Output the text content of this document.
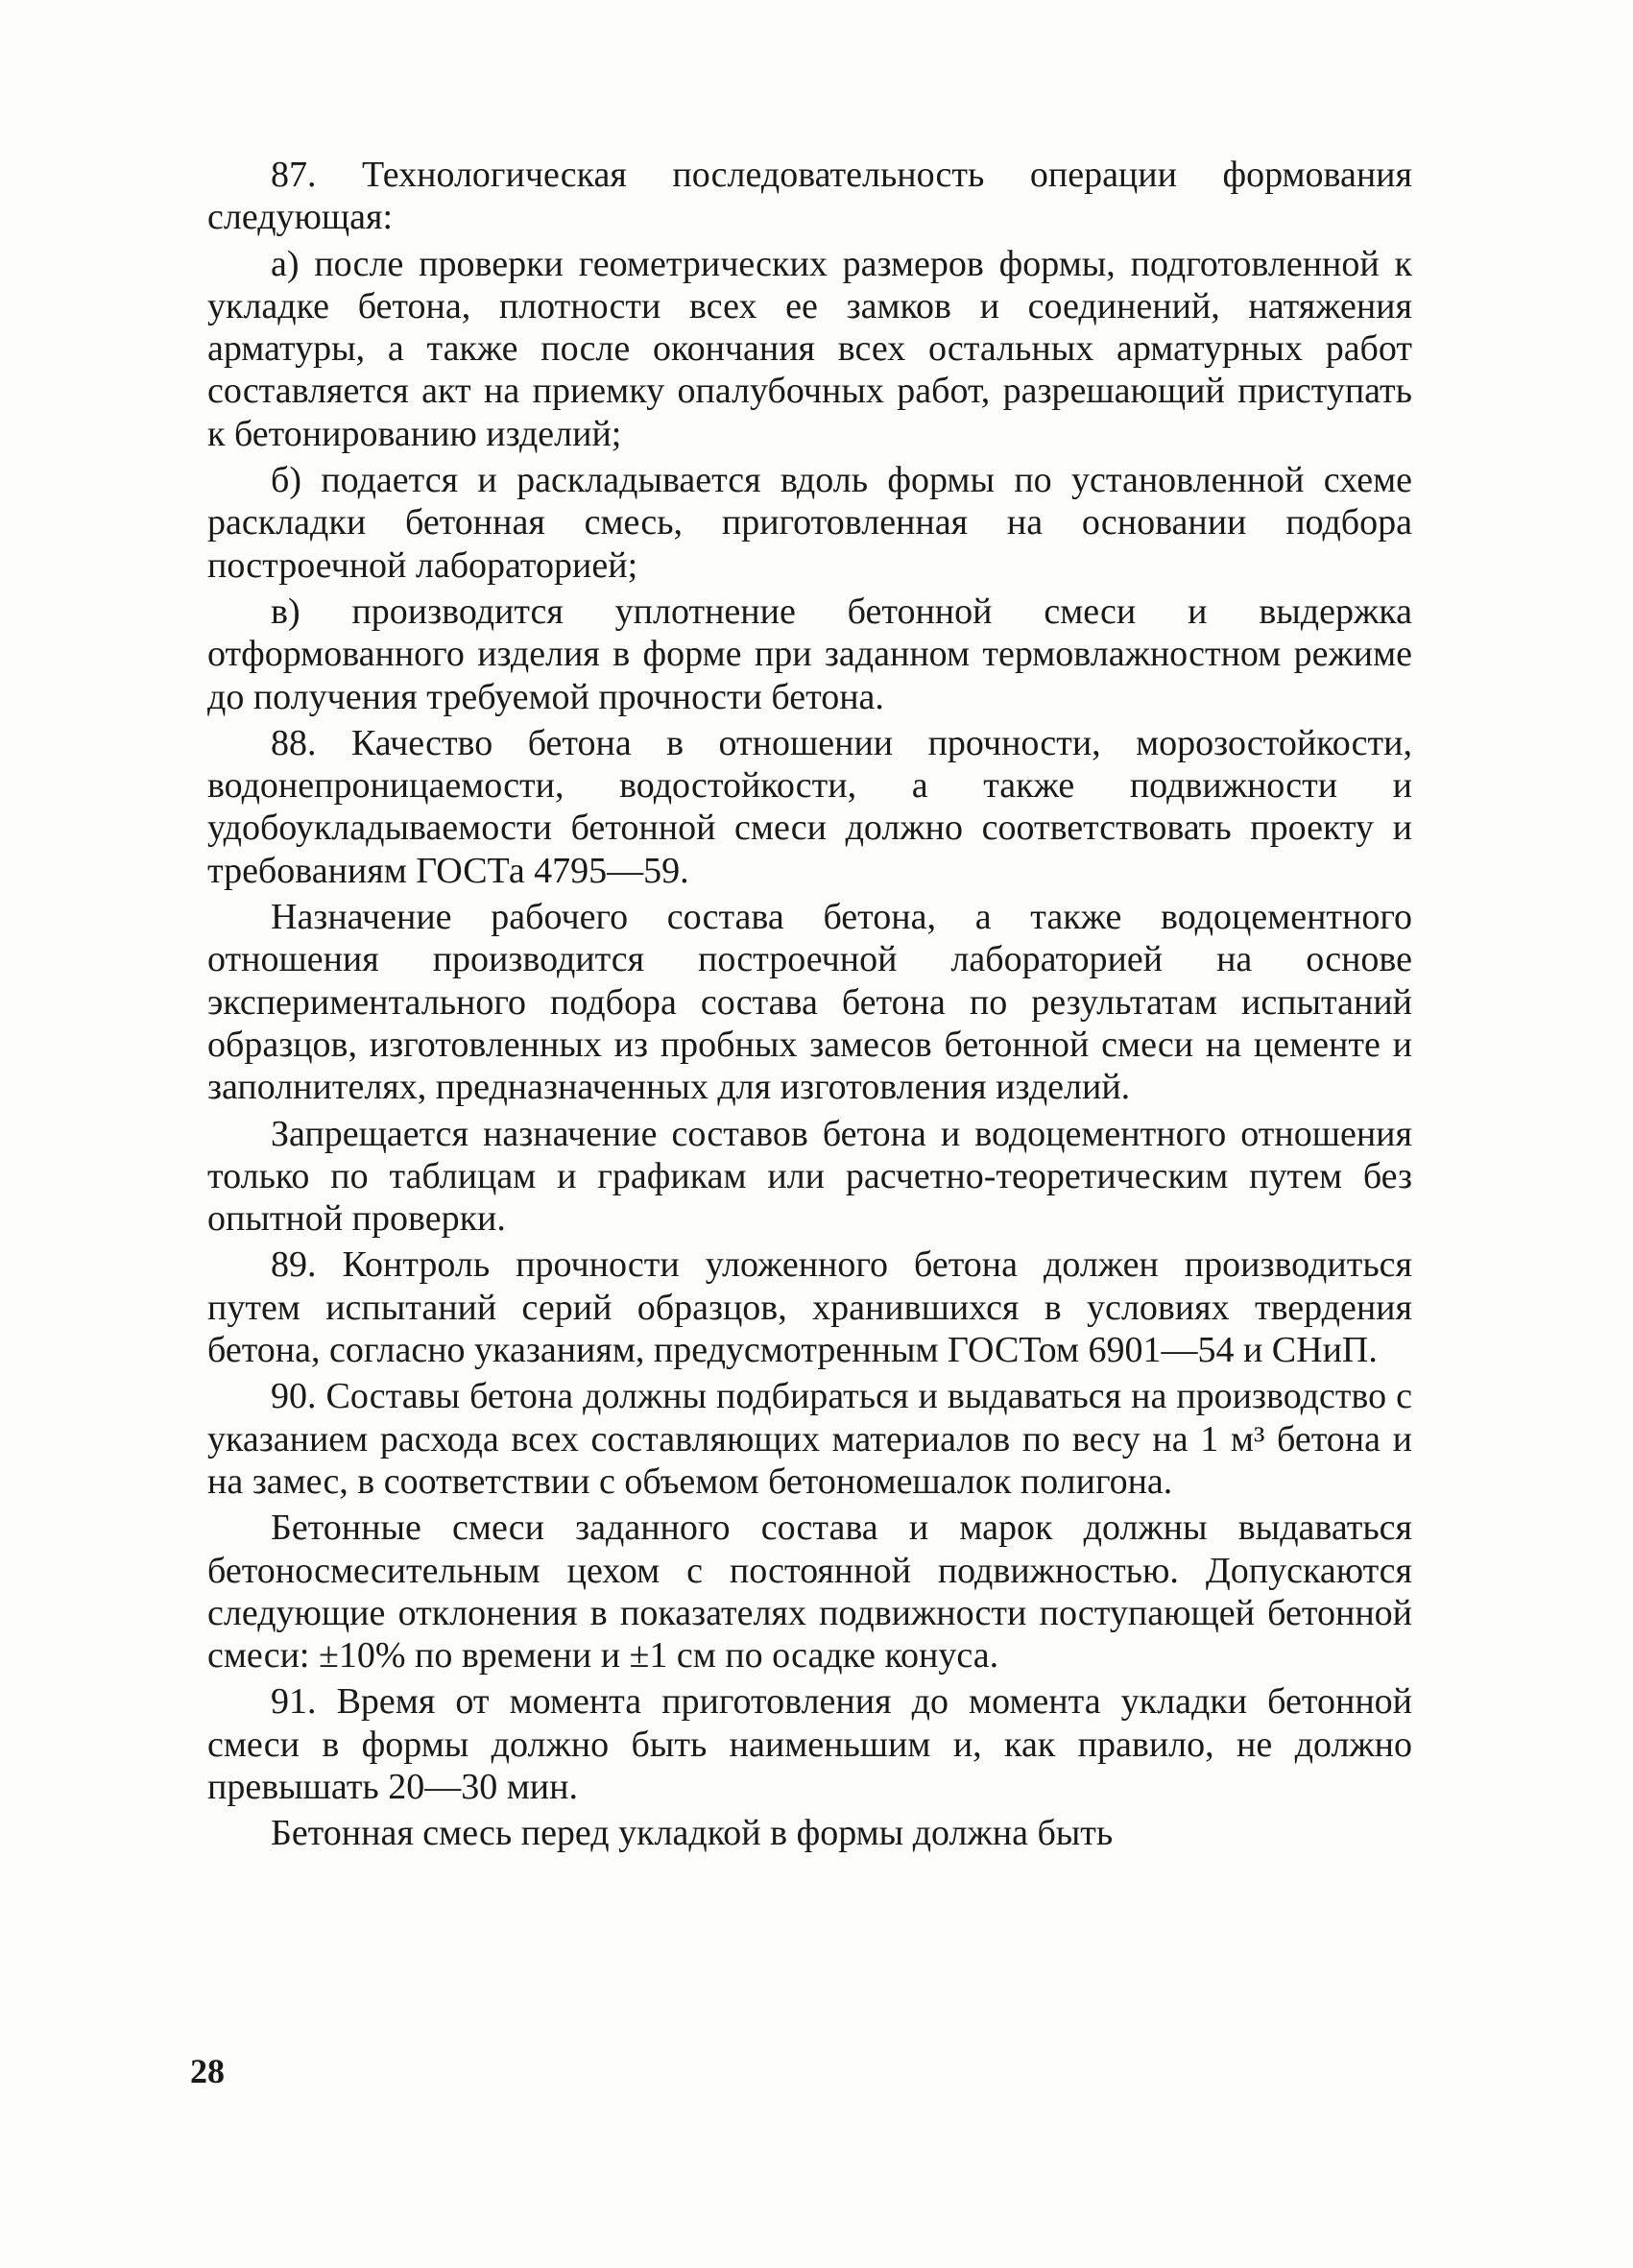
87. Технологическая последовательность операции формования следующая:

а) после проверки геометрических размеров формы, подготовленной к укладке бетона, плотности всех ее замков и соединений, натяжения арматуры, а также после окончания всех остальных арматурных работ составляется акт на приемку опалубочных работ, разрешающий приступать к бетонированию изделий;

б) подается и раскладывается вдоль формы по установленной схеме раскладки бетонная смесь, приготовленная на основании подбора построечной лабораторией;

в) производится уплотнение бетонной смеси и выдержка отформованного изделия в форме при заданном термовлажностном режиме до получения требуемой прочности бетона.

88. Качество бетона в отношении прочности, морозостойкости, водонепроницаемости, водостойкости, а также подвижности и удобоукладываемости бетонной смеси должно соответствовать проекту и требованиям ГОСТа 4795—59.

Назначение рабочего состава бетона, а также водоцементного отношения производится построечной лабораторией на основе экспериментального подбора состава бетона по результатам испытаний образцов, изготовленных из пробных замесов бетонной смеси на цементе и заполнителях, предназначенных для изготовления изделий.

Запрещается назначение составов бетона и водоцементного отношения только по таблицам и графикам или расчетно-теоретическим путем без опытной проверки.

89. Контроль прочности уложенного бетона должен производиться путем испытаний серий образцов, хранившихся в условиях твердения бетона, согласно указаниям, предусмотренным ГОСТом 6901—54 и СНиП.

90. Составы бетона должны подбираться и выдаваться на производство с указанием расхода всех составляющих материалов по весу на 1 м³ бетона и на замес, в соответствии с объемом бетономешалок полигона.

Бетонные смеси заданного состава и марок должны выдаваться бетоносмесительным цехом с постоянной подвижностью. Допускаются следующие отклонения в показателях подвижности поступающей бетонной смеси: ±10% по времени и ±1 см по осадке конуса.

91. Время от момента приготовления до момента укладки бетонной смеси в формы должно быть наименьшим и, как правило, не должно превышать 20—30 мин.

Бетонная смесь перед укладкой в формы должна быть

28
